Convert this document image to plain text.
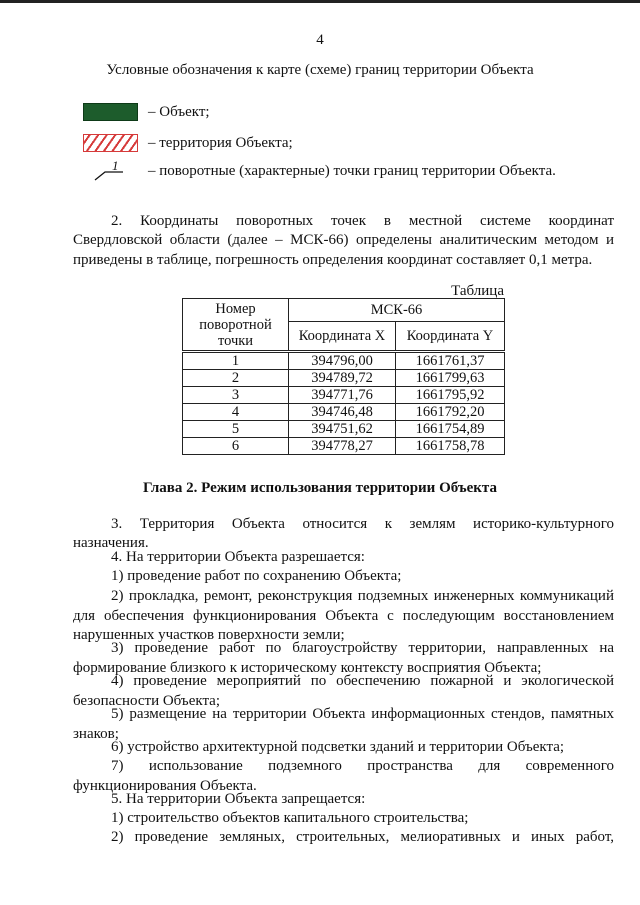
4
Условные обозначения к карте (схеме) границ территории Объекта
– Объект;
– территория Объекта;
1 – поворотные (характерные) точки границ территории Объекта.
2. Координаты поворотных точек в местной системе координат
Свердловской области (далее – МСК-66) определены аналитическим методом и приведены в таблице, погрешность определения координат составляет 0,1 метра.
Таблица
Номер поворотной точки	МСК-66	
	Координата X	Координата Y
1	394796,00	1661761,37
2	394789,72	1661799,63
3	394771,76	1661795,92
4	394746,48	1661792,20
5	394751,62	1661754,89
6	394778,27	1661758,78
Глава 2. Режим использования территории Объекта
3. Территория Объекта относится к землям историко-культурного
назначения.
4. На территории Объекта разрешается:
1) проведение работ по сохранению Объекта;
2) прокладка, ремонт, реконструкция подземных инженерных коммуникаций для обеспечения функционирования Объекта с последующим восстановлением нарушенных участков поверхности земли;
3) проведение работ по благоустройству территории, направленных на формирование близкого к историческому контексту восприятия Объекта;
4) проведение мероприятий по обеспечению пожарной и экологической безопасности Объекта;
5) размещение на территории Объекта информационных стендов, памятных знаков;
6) устройство архитектурной подсветки зданий и территории Объекта;
7) использование подземного пространства для современного функционирования Объекта.
5. На территории Объекта запрещается:
1) строительство объектов капитального строительства;
2) проведение земляных, строительных, мелиоративных и иных работ,
